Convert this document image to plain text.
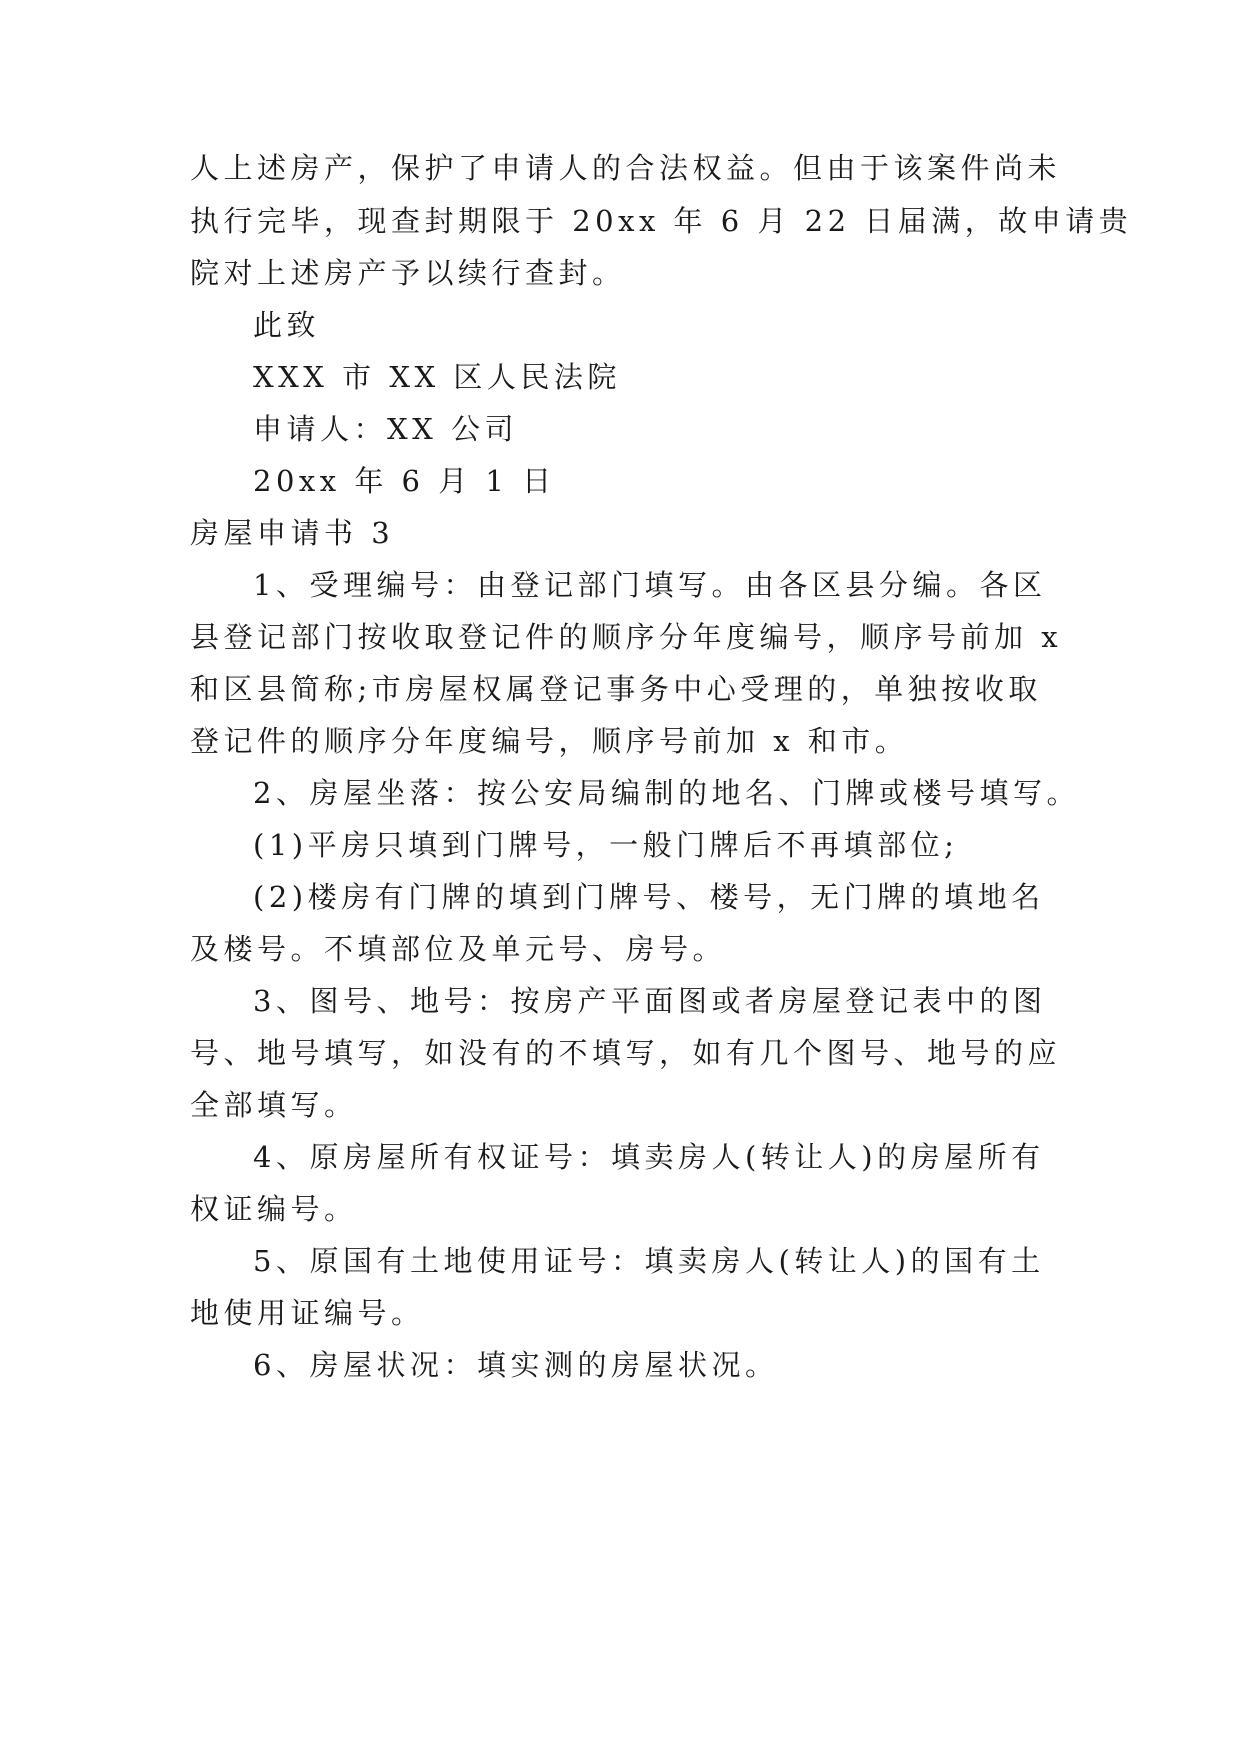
人上述房产，保护了申请人的合法权益。但由于该案件尚未
执行完毕，现查封期限于 20xx 年 6 月 22 日届满，故申请贵
院对上述房产予以续行查封。
此致
XXX 市 XX 区人民法院
申请人：XX 公司
20xx 年 6 月 1 日
房屋申请书 3
1、受理编号：由登记部门填写。由各区县分编。各区
县登记部门按收取登记件的顺序分年度编号，顺序号前加 x
和区县简称;市房屋权属登记事务中心受理的，单独按收取
登记件的顺序分年度编号，顺序号前加 x 和市。
2、房屋坐落：按公安局编制的地名、门牌或楼号填写。
(1)平房只填到门牌号，一般门牌后不再填部位;
(2)楼房有门牌的填到门牌号、楼号，无门牌的填地名
及楼号。不填部位及单元号、房号。
3、图号、地号：按房产平面图或者房屋登记表中的图
号、地号填写，如没有的不填写，如有几个图号、地号的应
全部填写。
4、原房屋所有权证号：填卖房人(转让人)的房屋所有
权证编号。
5、原国有土地使用证号：填卖房人(转让人)的国有土
地使用证编号。
6、房屋状况：填实测的房屋状况。
